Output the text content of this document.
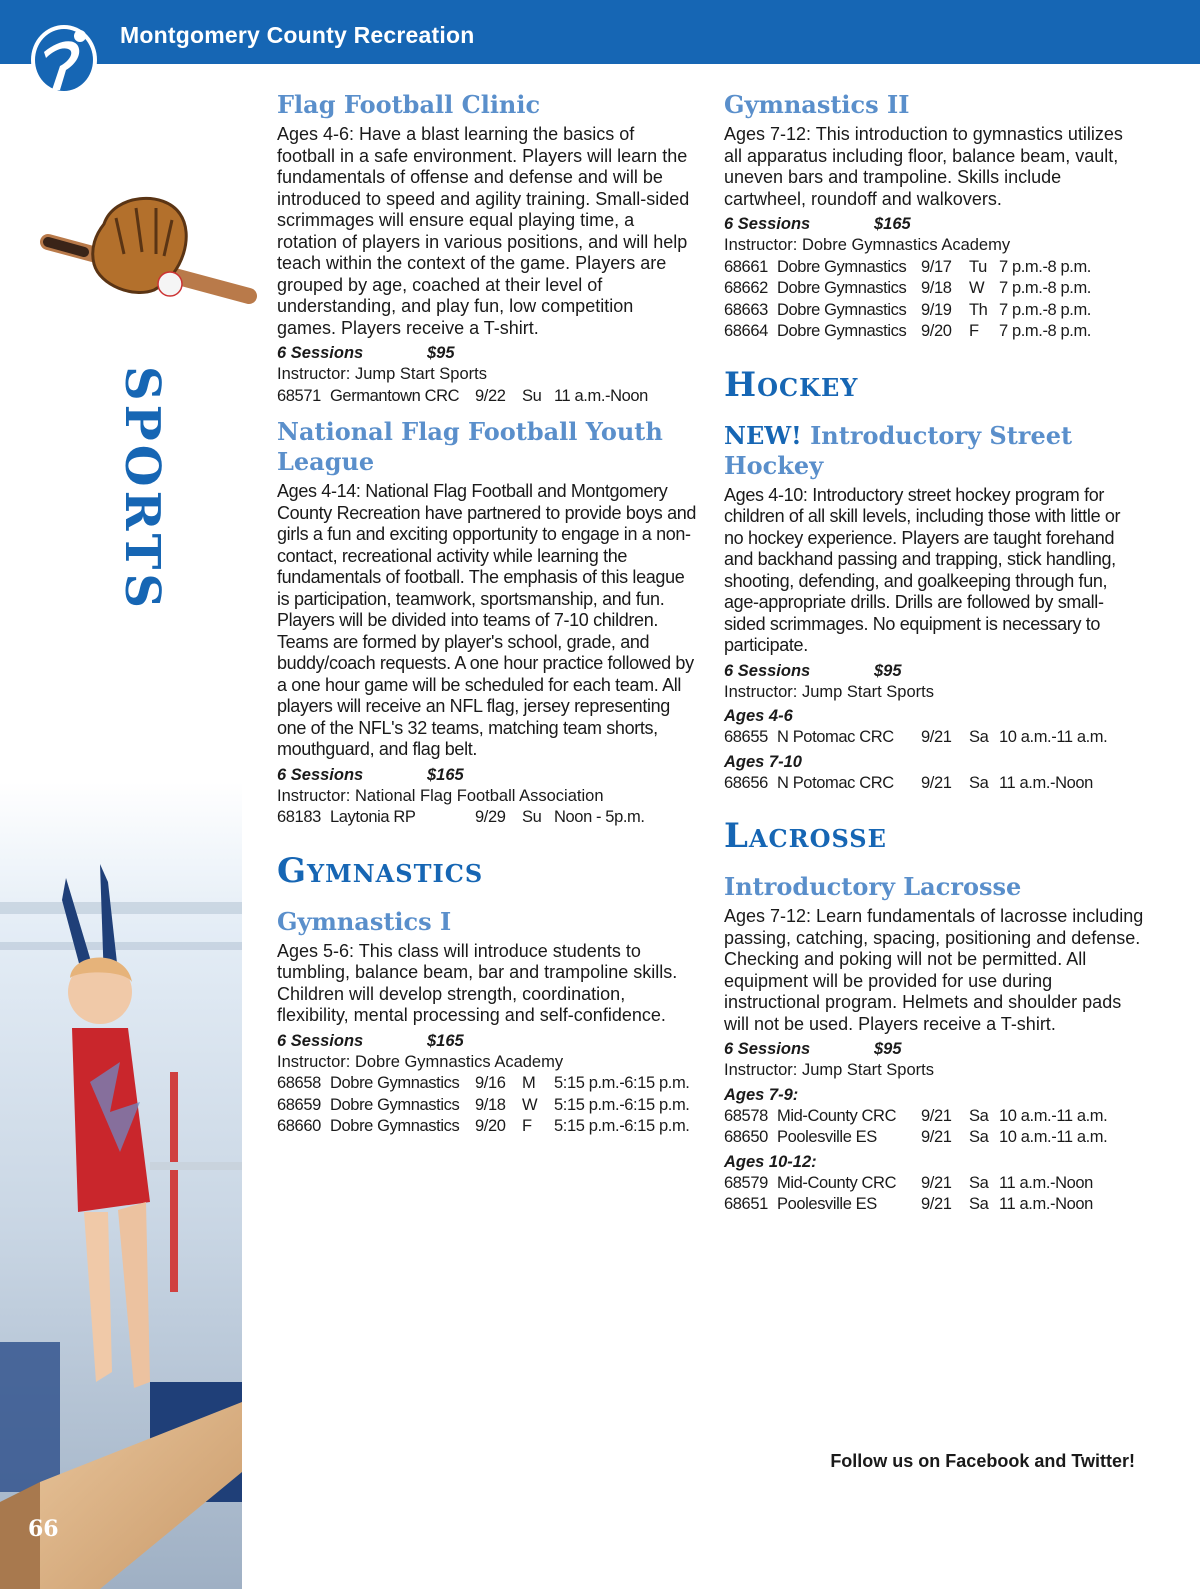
Montgomery County Recreation
SPORTS
66
Flag Football Clinic

Ages 4-6: Have a blast learning the basics of football in a safe environment. Players will learn the fundamentals of offense and defense and will be introduced to speed and agility training. Small-sided scrimmages will ensure equal playing time, a rotation of players in various positions, and will help teach within the context of the game. Players are grouped by age, coached at their level of understanding, and play fun, low competition games. Players receive a T-shirt.

6 Sessions	$95
Instructor: Jump Start Sports
68571 Germantown CRC 9/22 Su 11 a.m.-Noon
National Flag Football Youth League

Ages 4-14: National Flag Football and Montgomery County Recreation have partnered to provide boys and girls a fun and exciting opportunity to engage in a non-contact, recreational activity while learning the fundamentals of football. The emphasis of this league is participation, teamwork, sportsmanship, and fun. Players will be divided into teams of 7-10 children. Teams are formed by player's school, grade, and buddy/coach requests. A one hour practice followed by a one hour game will be scheduled for each team. All players will receive an NFL flag, jersey representing one of the NFL's 32 teams, matching team shorts, mouthguard, and flag belt.

6 Sessions	$165
Instructor: National Flag Football Association
68183 Laytonia RP	9/29 Su Noon - 5p.m.
Gymnastics
Gymnastics I

Ages 5-6: This class will introduce students to tumbling, balance beam, bar and trampoline skills. Children will develop strength, coordination, flexibility, mental processing and self-confidence.

6 Sessions	$165
Instructor: Dobre Gymnastics Academy
68658 Dobre Gymnastics 9/16 M	5:15 p.m.-6:15 p.m.
68659 Dobre Gymnastics 9/18 W	5:15 p.m.-6:15 p.m.
68660 Dobre Gymnastics 9/20 F	5:15 p.m.-6:15 p.m.
Gymnastics II

Ages 7-12: This introduction to gymnastics utilizes all apparatus including floor, balance beam, vault, uneven bars and trampoline. Skills include cartwheel, roundoff and walkovers.

6 Sessions	$165
Instructor: Dobre Gymnastics Academy
68661 Dobre Gymnastics 9/17	Tu 7 p.m.-8 p.m.
68662 Dobre Gymnastics 9/18	W 7 p.m.-8 p.m.
68663 Dobre Gymnastics 9/19	Th 7 p.m.-8 p.m.
68664 Dobre Gymnastics 9/20	F	7 p.m.-8 p.m.
Hockey
NEW! Introductory Street Hockey

Ages 4-10: Introductory street hockey program for children of all skill levels, including those with little or no hockey experience. Players are taught forehand and backhand passing and trapping, stick handling, shooting, defending, and goalkeeping through fun, age-appropriate drills. Drills are followed by small-sided scrimmages. No equipment is necessary to participate.

6 Sessions	$95
Instructor: Jump Start Sports
Ages 4-6
68655 N Potomac CRC	9/21	Sa 10 a.m.-11 a.m.
Ages 7-10
68656 N Potomac CRC	9/21	Sa 11 a.m.-Noon
Lacrosse
Introductory Lacrosse

Ages 7-12: Learn fundamentals of lacrosse including passing, catching, spacing, positioning and defense. Checking and poking will not be permitted. All equipment will be provided for use during instructional program. Helmets and shoulder pads will not be used. Players receive a T-shirt.

6 Sessions	$95
Instructor: Jump Start Sports
Ages 7-9:
68578 Mid-County CRC	9/21	Sa 10 a.m.-11 a.m.
68650 Poolesville ES	9/21	Sa 10 a.m.-11 a.m.
Ages 10-12:
68579 Mid-County CRC	9/21	Sa 11 a.m.-Noon
68651 Poolesville ES	9/21	Sa 11 a.m.-Noon
Follow us on Facebook and Twitter!
